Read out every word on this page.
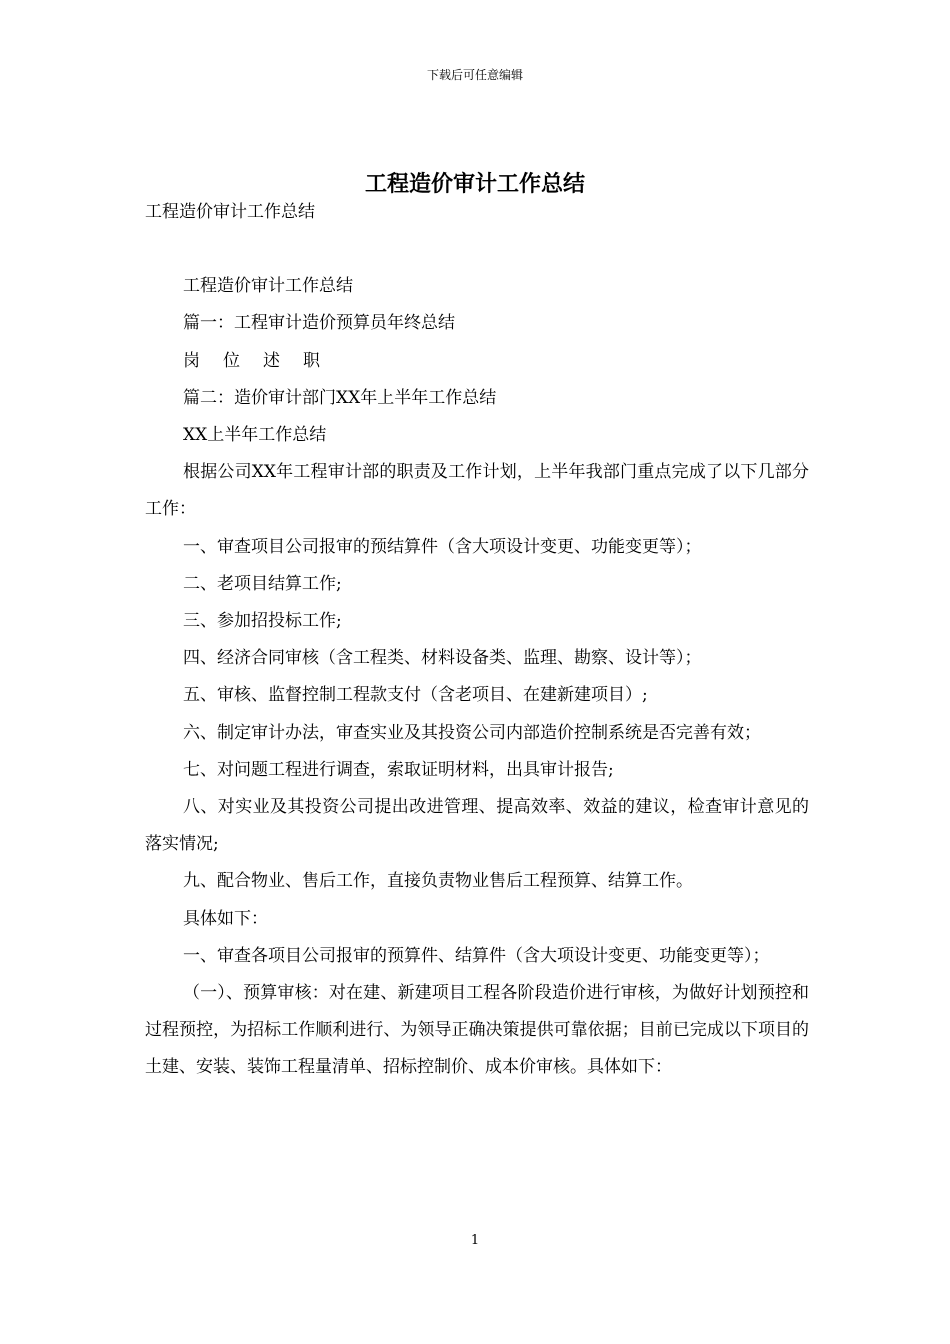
下载后可任意编辑
工程造价审计工作总结

工程造价审计工作总结

工程造价审计工作总结

篇一：工程审计造价预算员年终总结

岗位述职

篇二：造价审计部门XX年上半年工作总结

XX上半年工作总结

根据公司XX年工程审计部的职责及工作计划，上半年我部门重点完成了以下几部分工作：

一、审查项目公司报审的预结算件（含大项设计变更、功能变更等）；

二、老项目结算工作;

三、参加招投标工作;

四、经济合同审核（含工程类、材料设备类、监理、勘察、设计等）；

五、审核、监督控制工程款支付（含老项目、在建新建项目）;

六、制定审计办法，审查实业及其投资公司内部造价控制系统是否完善有效；

七、对问题工程进行调查，索取证明材料，出具审计报告;

八、对实业及其投资公司提出改进管理、提高效率、效益的建议，检查审计意见的落实情况;

九、配合物业、售后工作，直接负责物业售后工程预算、结算工作。

具体如下：

一、审查各项目公司报审的预算件、结算件（含大项设计变更、功能变更等）；

（一）、预算审核：对在建、新建项目工程各阶段造价进行审核，为做好计划预控和过程预控，为招标工作顺利进行、为领导正确决策提供可靠依据；目前已完成以下项目的土建、安装、装饰工程量清单、招标控制价、成本价审核。具体如下：

1
